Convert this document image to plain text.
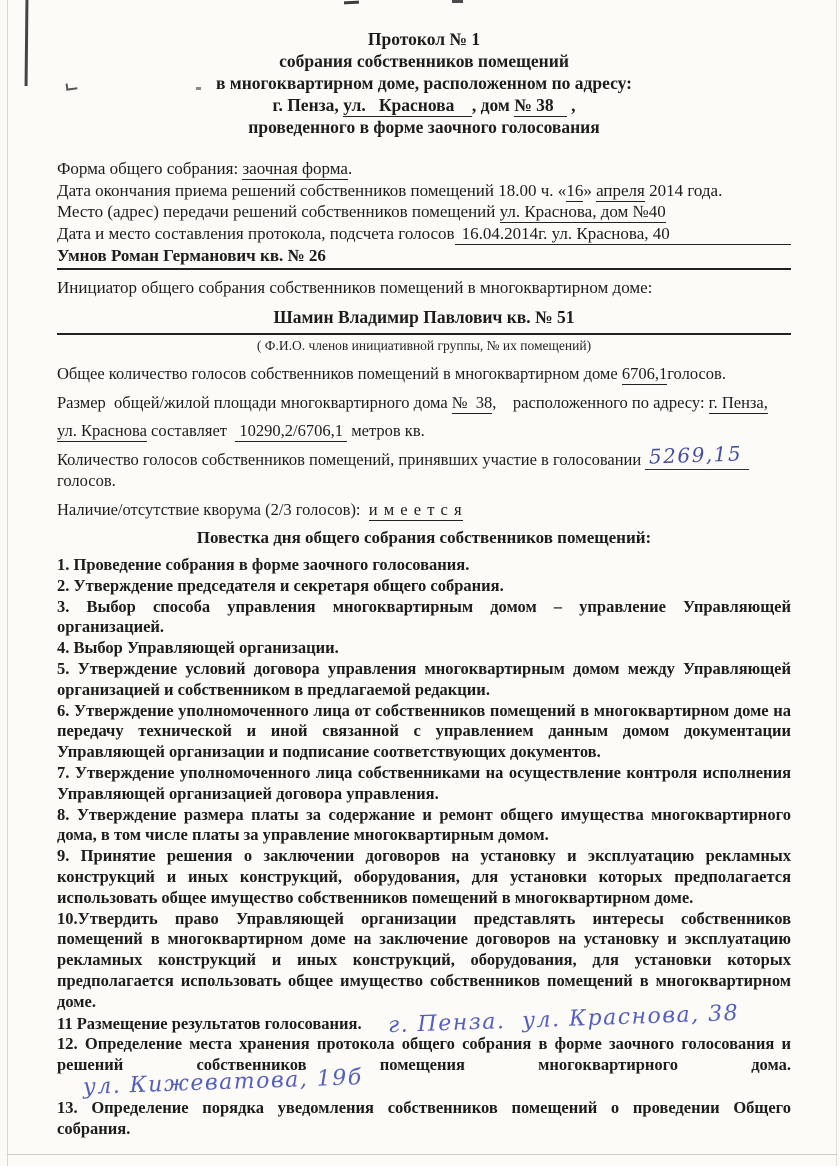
Протокол № 1

собрания собственников помещений

в многоквартирном доме, расположенном по адресу:

г. Пенза, ул.   Краснова    , дом № 38    ,

проведенного в форме заочного голосования

Форма общего собрания: заочная форма.

Дата окончания приема решений собственников помещений 18.00 ч. «16» апреля 2014 года.

Место (адрес) передачи решений собственников помещений ул. Краснова, дом №40

Дата и место составления протокола, подсчета голосов 16.04.2014г. ул. Краснова, 40

Умнов Роман Германович кв. № 26

Инициатор общего собрания собственников помещений в многоквартирном доме:

Шамин Владимир Павлович кв. № 51

( Ф.И.О. членов инициативной группы, № их помещений)

Общее количество голосов собственников помещений в многоквартирном доме 6706,1голосов.

Размер  общей/жилой площади многоквартирного дома №  38,    расположенного по адресу: г. Пенза,

ул. Краснова составляет   10290,2/6706,1  метров кв.

Количество голосов собственников помещений, принявших участие в голосовании 5269,15 голосов.

Наличие/отсутствие кворума (2/3 голосов):  и м е е т с я

Повестка дня общего собрания собственников помещений:

1. Проведение собрания в форме заочного голосования.

2. Утверждение председателя и секретаря общего собрания.

3. Выбор способа управления многоквартирным домом – управление Управляющей организацией.

4. Выбор Управляющей организации.

5. Утверждение условий договора управления многоквартирным домом между Управляющей организацией и собственником в предлагаемой редакции.

6. Утверждение уполномоченного лица от собственников помещений в многоквартирном доме на передачу технической и иной связанной с управлением данным домом документации Управляющей организации и подписание соответствующих документов.

7. Утверждение уполномоченного лица собственниками на осуществление контроля исполнения Управляющей организацией договора управления.

8. Утверждение размера платы за содержание и ремонт общего имущества многоквартирного дома, в том числе платы за управление многоквартирным домом.

9. Принятие решения о заключении договоров на установку и эксплуатацию рекламных конструкций и иных конструкций, оборудования, для установки которых предполагается использовать общее имущество собственников помещений в многоквартирном доме.

10.Утвердить право Управляющей организации представлять интересы собственников помещений в многоквартирном доме на заключение договоров на установку и эксплуатацию рекламных конструкций и иных конструкций, оборудования, для установки которых предполагается использовать общее имущество собственников помещений в многоквартирном доме.

11 Размещение результатов голосования. г. Пенза.  ул. Краснова, 38

12. Определение места хранения протокола общего собрания в форме заочного голосования и решений собственников помещения многоквартирного дома.ул. Кижеватова, 19б

13. Определение порядка уведомления собственников помещений о проведении Общего собрания.
